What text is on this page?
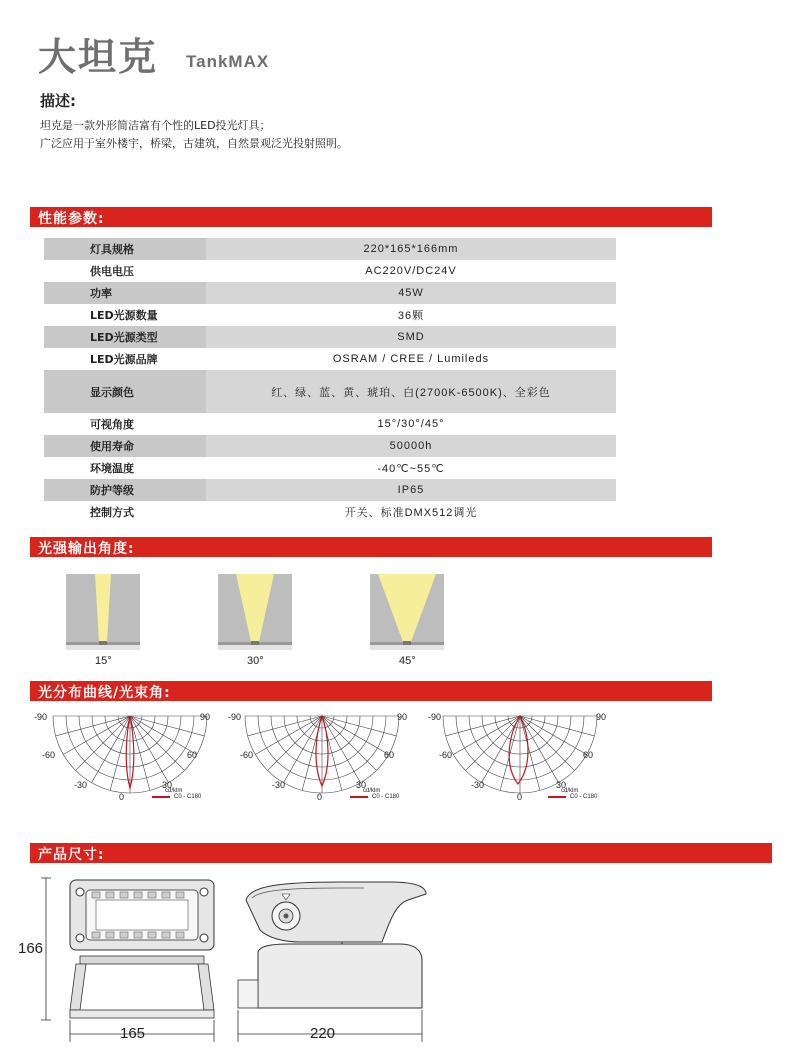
大坦克 TankMAX
描述:
坦克是一款外形简洁富有个性的LED投光灯具；
广泛应用于室外楼宇，桥梁，古建筑，自然景观泛光投射照明。
性能参数:
灯具规格	220*165*166mm
供电电压	AC220V/DC24V
功率	45W
LED光源数量	36颗
LED光源类型	SMD
LED光源品牌	OSRAM / CREE / Lumileds
显示颜色	红、绿、蓝、黄、琥珀、白(2700K-6500K)、全彩色
可视角度	15°/30°/45°
使用寿命	50000h
环境温度	-40℃~55℃
防护等级	IP65
控制方式	开关、标准DMX512调光
光强输出角度:
15°	30°	45°
光分布曲线/光束角:
-90	90
-60	60
-30	30
0
cd/klm
C0 - C180
-90	90
-60	60
-30	30
0
cd/klm
C0 - C180
-90	90
-60	60
-30	30
0
cd/klm
C0 - C180
产品尺寸:
166
165	220
